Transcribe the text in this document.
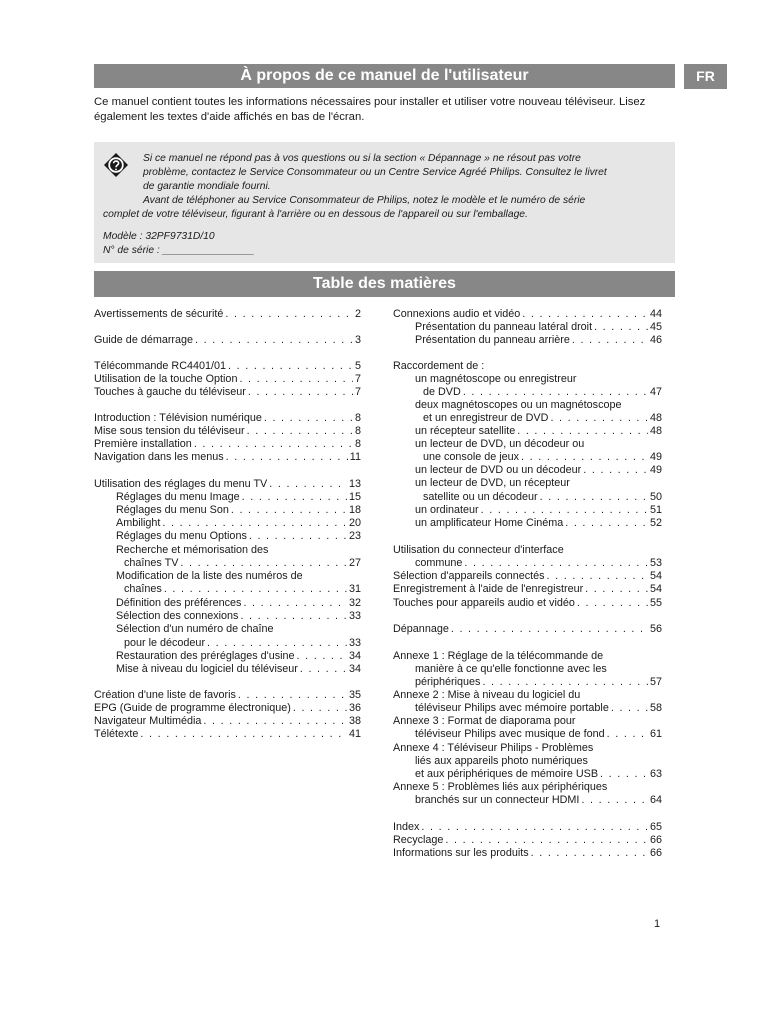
À propos de ce manuel de l'utilisateur	FR
Ce manuel contient toutes les informations nécessaires pour installer et utiliser votre nouveau téléviseur. Lisez également les textes d'aide affichés en bas de l'écran.
Si ce manuel ne répond pas à vos questions ou si la section « Dépannage » ne résout pas votre
problème, contactez le Service Consommateur ou un Centre Service Agréé Philips. Consultez le livret
de garantie mondiale fourni.
Avant de téléphoner au Service Consommateur de Philips, notez le modèle et le numéro de série
complet de votre téléviseur, figurant à l'arrière ou en dessous de l'appareil ou sur l'emballage.
Modèle : 32PF9731D/10
N° de série : ________________
Table des matières
Avertissements de sécurité . . .	2
Guide de démarrage . . .	3
Télécommande RC4401/01 . . .	5
Utilisation de la touche Option . . .	7
Touches à gauche du téléviseur . . .	7
Introduction : Télévision numérique . . .	8
Mise sous tension du téléviseur . . .	8
Première installation . . .	8
Navigation dans les menus . . .	11
Utilisation des réglages du menu TV . . .	13
Réglages du menu Image . . .	15
Réglages du menu Son . . .	18
Ambilight . . .	20
Réglages du menu Options . . .	23
Recherche et mémorisation des
chaînes TV . . .	27
Modification de la liste des numéros de
chaînes . . .	31
Définition des préférences . . .	32
Sélection des connexions . . .	33
Sélection d'un numéro de chaîne
pour le décodeur . . .	33
Restauration des préréglages d'usine . . .	34
Mise à niveau du logiciel du téléviseur . . .	34
Création d'une liste de favoris . . .	35
EPG (Guide de programme électronique) . . .	36
Navigateur Multimédia . . .	38
Télétexte . . .	41
Connexions audio et vidéo . . .	44
Présentation du panneau latéral droit . . .	45
Présentation du panneau arrière . . .	46
Raccordement de :
un magnétoscope ou enregistreur
de DVD . . .	47
deux magnétoscopes ou un magnétoscope
et un enregistreur de DVD . . .	48
un récepteur satellite . . .	48
un lecteur de DVD, un décodeur ou
une console de jeux . . .	49
un lecteur de DVD ou un décodeur . . .	49
un lecteur de DVD, un récepteur
satellite ou un décodeur . . .	50
un ordinateur . . .	51
un amplificateur Home Cinéma . . .	52
Utilisation du connecteur d'interface
commune . . .	53
Sélection d'appareils connectés . . .	54
Enregistrement à l'aide de l'enregistreur . . .	54
Touches pour appareils audio et vidéo . . .	55
Dépannage . . .	56
Annexe 1 : Réglage de la télécommande de
manière à ce qu'elle fonctionne avec les
périphériques . . .	57
Annexe 2 : Mise à niveau du logiciel du
téléviseur Philips avec mémoire portable . . .	58
Annexe 3 : Format de diaporama pour
téléviseur Philips avec musique de fond . . .	61
Annexe 4 : Téléviseur Philips - Problèmes
liés aux appareils photo numériques
et aux périphériques de mémoire USB . . .	63
Annexe 5 : Problèmes liés aux périphériques
branchés sur un connecteur HDMI . . .	64
Index . . .	65
Recyclage . . .	66
Informations sur les produits . . .	66
1
